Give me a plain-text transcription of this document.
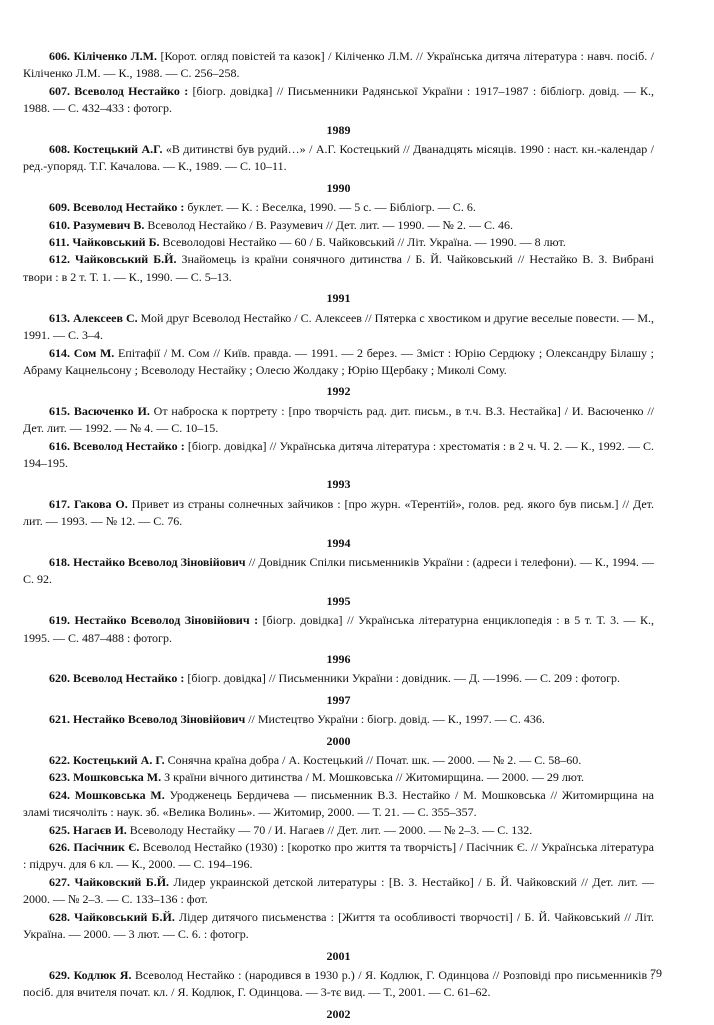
606. Кіліченко Л.М. [Корот. огляд повістей та казок] / Кіліченко Л.М. // Українська дитяча література : навч. посіб. / Кіліченко Л.М. — К., 1988. — С. 256–258.

607. Всеволод Нестайко : [біогр. довідка] // Письменники Радянської України : 1917–1987 : бібліогр. довід. — К., 1988. — С. 432–433 : фотогр.

1989

608. Костецький А.Г. «В дитинстві був рудий…» / А.Г. Костецький // Дванадцять місяців. 1990 : наст. кн.-календар / ред.-упоряд. Т.Г. Качалова. — К., 1989. — С. 10–11.

1990

609. Всеволод Нестайко : буклет. — К. : Веселка, 1990. — 5 с. — Бібліогр. — С. 6.

610. Разумевич В. Всеволод Нестайко / В. Разумевич // Дет. лит. — 1990. — № 2. — С. 46.

611. Чайковський Б. Всеволодові Нестайко — 60 / Б. Чайковський // Літ. Україна. — 1990. — 8 лют.

612. Чайковський Б.Й. Знайомець із країни сонячного дитинства / Б. Й. Чайковський // Нестайко В. З. Вибрані твори : в 2 т. Т. 1. — К., 1990. — С. 5–13.

1991

613. Алексеев С. Мой друг Всеволод Нестайко / С. Алексеев // Пятерка с хвостиком и другие веселые повести. — М., 1991. — С. 3–4.

614. Сом М. Епітафії / М. Сом // Київ. правда. — 1991. — 2 берез. — Зміст : Юрію Сердюку ; Олександру Білашу ; Абраму Кацнельсону ; Всеволоду Нестайку ; Олесю Жолдаку ; Юрію Щербаку ; Миколі Сому.

1992

615. Васюченко И. От наброска к портрету : [про творчість рад. дит. письм., в т.ч. В.З. Нестайка] / И. Васюченко // Дет. лит. — 1992. — № 4. — С. 10–15.

616. Всеволод Нестайко : [біогр. довідка] // Українська дитяча література : хрестоматія : в 2 ч. Ч. 2. — К., 1992. — С. 194–195.

1993

617. Гакова О. Привет из страны солнечных зайчиков : [про журн. «Терентій», голов. ред. якого був письм.] // Дет. лит. — 1993. — № 12. — С. 76.

1994

618. Нестайко Всеволод Зіновійович // Довідник Спілки письменників України : (адреси і телефони). — К., 1994. — С. 92.

1995

619. Нестайко Всеволод Зіновійович : [біогр. довідка] // Українська літературна енциклопедія : в 5 т. Т. 3. — К., 1995. — С. 487–488 : фотогр.

1996

620. Всеволод Нестайко : [біогр. довідка] // Письменники України : довідник. — Д. —1996. — С. 209 : фотогр.

1997

621. Нестайко Всеволод Зіновійович // Мистецтво України : біогр. довід. — К., 1997. — С. 436.

2000

622. Костецький А. Г. Сонячна країна добра / А. Костецький // Почат. шк. — 2000. — № 2. — С. 58–60.

623. Мошковська М. З країни вічного дитинства / М. Мошковська // Житомирщина. — 2000. — 29 лют.

624. Мошковська М. Уродженець Бердичева — письменник В.З. Нестайко / М. Мошковська // Житомирщина на зламі тисячоліть : наук. зб. «Велика Волинь». — Житомир, 2000. — Т. 21. — С. 355–357.

625. Нагаєв И. Всеволоду Нестайку — 70 / И. Нагаев // Дет. лит. — 2000. — № 2–3. — С. 132.

626. Пасічник Є. Всеволод Нестайко (1930) : [коротко про життя та творчість] / Пасічник Є. // Українська література : підруч. для 6 кл. — К., 2000. — С. 194–196.

627. Чайковский Б.Й. Лидер украинской детской литературы : [В. З. Нестайко] / Б. Й. Чайковский // Дет. лит. — 2000. — № 2–3. — С. 133–136 : фот.

628. Чайковський Б.Й. Лідер дитячого письменства : [Життя та особливості творчості] / Б. Й. Чайковський // Літ. Україна. — 2000. — 3 лют. — С. 6. : фотогр.

2001

629. Кодлюк Я. Всеволод Нестайко : (народився в 1930 р.) / Я. Кодлюк, Г. Одинцова // Розповіді про письменників : посіб. для вчителя почат. кл. / Я. Кодлюк, Г. Одинцова. — 3-тє вид. — Т., 2001. — С. 61–62.

2002
79
